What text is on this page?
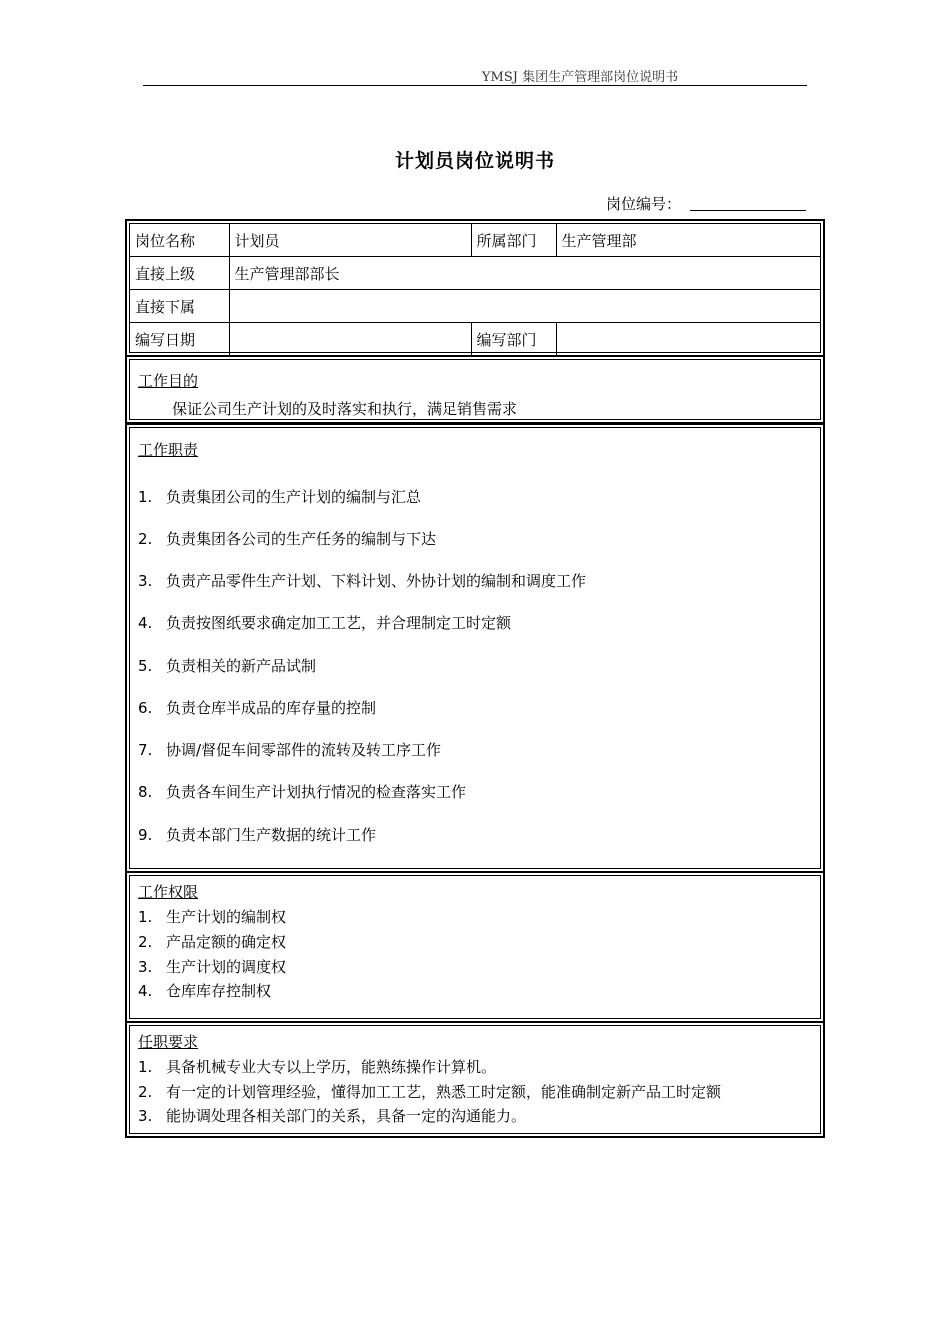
YMSJ 集团生产管理部岗位说明书
计划员岗位说明书
岗位编号：
岗位名称	计划员	所属部门	生产管理部
直接上级	生产管理部部长		
直接下属			
编写日期		编写部门	
工作目的
保证公司生产计划的及时落实和执行，满足销售需求
工作职责
1. 负责集团公司的生产计划的编制与汇总
2. 负责集团各公司的生产任务的编制与下达
3. 负责产品零件生产计划、下料计划、外协计划的编制和调度工作
4. 负责按图纸要求确定加工工艺，并合理制定工时定额
5. 负责相关的新产品试制
6. 负责仓库半成品的库存量的控制
7. 协调/督促车间零部件的流转及转工序工作
8. 负责各车间生产计划执行情况的检查落实工作
9. 负责本部门生产数据的统计工作
工作权限
1. 生产计划的编制权
2. 产品定额的确定权
3. 生产计划的调度权
4. 仓库库存控制权
任职要求
1. 具备机械专业大专以上学历，能熟练操作计算机。
2. 有一定的计划管理经验，懂得加工工艺，熟悉工时定额，能准确制定新产品工时定额
3. 能协调处理各相关部门的关系，具备一定的沟通能力。
